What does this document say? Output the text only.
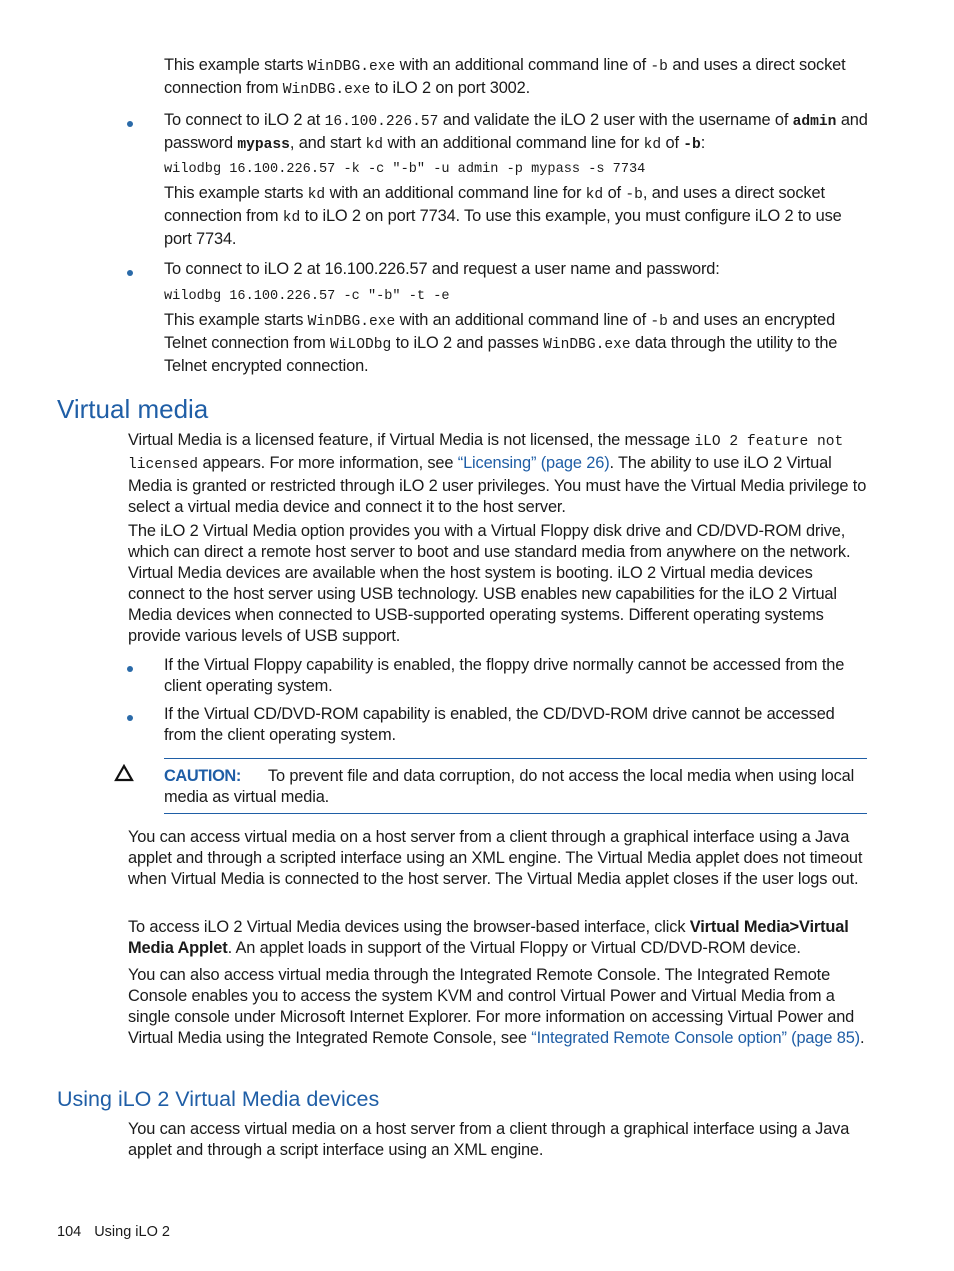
This example starts WinDBG.exe with an additional command line of -b and uses a direct socket connection from WinDBG.exe to iLO 2 on port 3002.

To connect to iLO 2 at 16.100.226.57 and validate the iLO 2 user with the username of admin and password mypass, and start kd with an additional command line for kd of -b:

wilodbg 16.100.226.57 -k -c "-b" -u admin -p mypass -s 7734

This example starts kd with an additional command line for kd of -b, and uses a direct socket connection from kd to iLO 2 on port 7734. To use this example, you must configure iLO 2 to use port 7734.

To connect to iLO 2 at 16.100.226.57 and request a user name and password:

wilodbg 16.100.226.57 -c "-b" -t -e

This example starts WinDBG.exe with an additional command line of -b and uses an encrypted Telnet connection from WiLODbg to iLO 2 and passes WinDBG.exe data through the utility to the Telnet encrypted connection.

Virtual media

Virtual Media is a licensed feature, if Virtual Media is not licensed, the message iLO 2 feature not licensed appears. For more information, see “Licensing” (page 26). The ability to use iLO 2 Virtual Media is granted or restricted through iLO 2 user privileges. You must have the Virtual Media privilege to select a virtual media device and connect it to the host server.

The iLO 2 Virtual Media option provides you with a Virtual Floppy disk drive and CD/DVD-ROM drive, which can direct a remote host server to boot and use standard media from anywhere on the network. Virtual Media devices are available when the host system is booting. iLO 2 Virtual media devices connect to the host server using USB technology. USB enables new capabilities for the iLO 2 Virtual Media devices when connected to USB-supported operating systems. Different operating systems provide various levels of USB support.

If the Virtual Floppy capability is enabled, the floppy drive normally cannot be accessed from the client operating system.

If the Virtual CD/DVD-ROM capability is enabled, the CD/DVD-ROM drive cannot be accessed from the client operating system.

CAUTION: To prevent file and data corruption, do not access the local media when using local media as virtual media.

You can access virtual media on a host server from a client through a graphical interface using a Java applet and through a scripted interface using an XML engine. The Virtual Media applet does not timeout when Virtual Media is connected to the host server. The Virtual Media applet closes if the user logs out.

To access iLO 2 Virtual Media devices using the browser-based interface, click Virtual Media>Virtual Media Applet. An applet loads in support of the Virtual Floppy or Virtual CD/DVD-ROM device.

You can also access virtual media through the Integrated Remote Console. The Integrated Remote Console enables you to access the system KVM and control Virtual Power and Virtual Media from a single console under Microsoft Internet Explorer. For more information on accessing Virtual Power and Virtual Media using the Integrated Remote Console, see “Integrated Remote Console option” (page 85).

Using iLO 2 Virtual Media devices

You can access virtual media on a host server from a client through a graphical interface using a Java applet and through a script interface using an XML engine.

104 Using iLO 2
